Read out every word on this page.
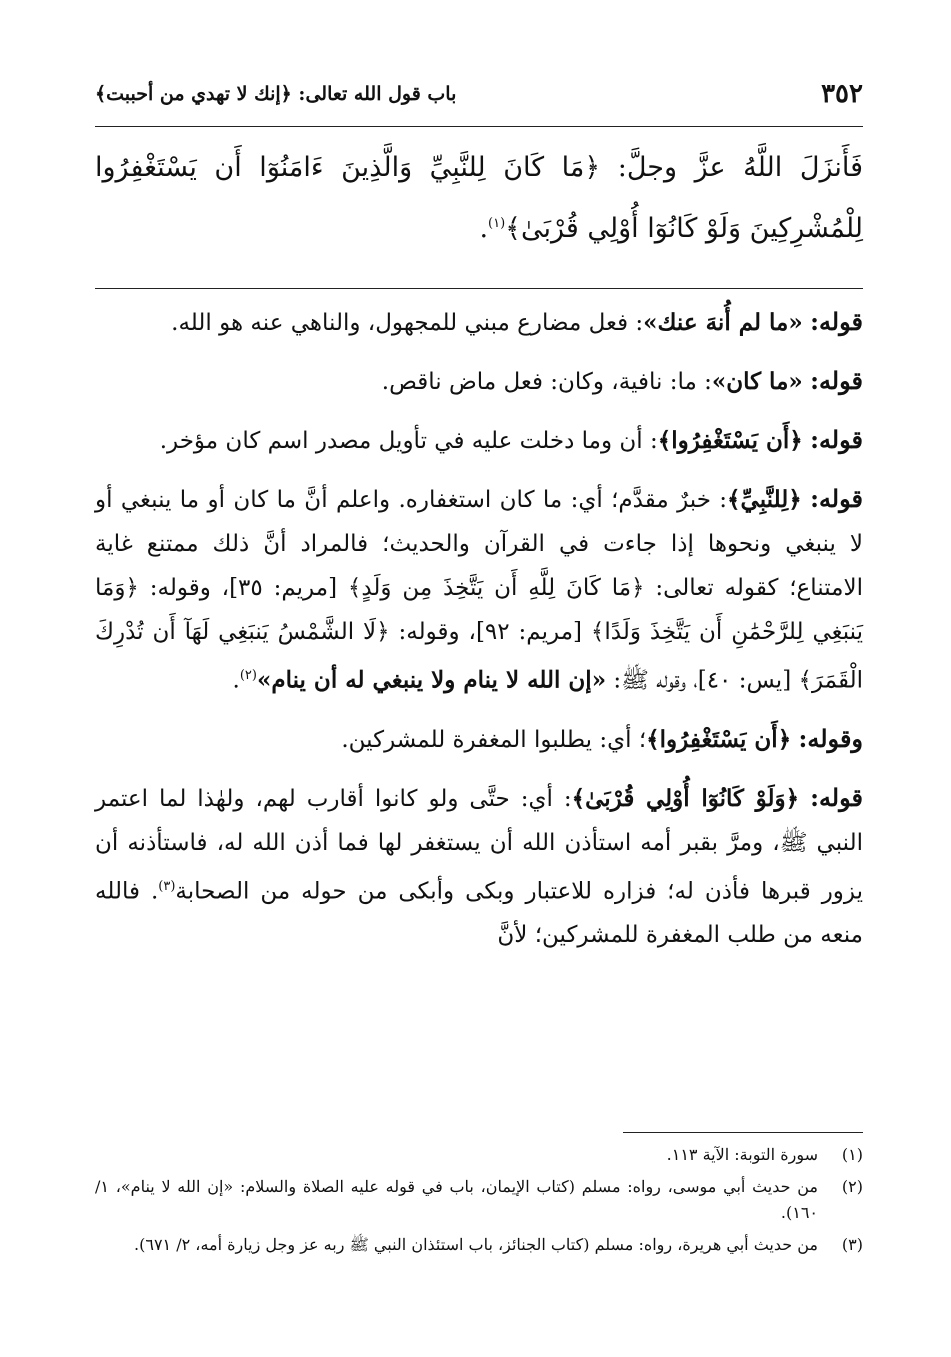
٣٥٢
باب قول الله تعالى: ﴿إنك لا تهدي من أحببت﴾
فَأَنزَلَ اللَّهُ عزَّ وجلَّ: ﴿مَا كَانَ لِلنَّبِيِّ وَالَّذِينَ ءَامَنُوٓا أَن يَسْتَغْفِرُوا لِلْمُشْرِكِينَ وَلَوْ كَانُوٓا أُوْلِي قُرْبَىٰ﴾$^{(١)}$.

قوله: «ما لم أُنهَ عنك»: فعل مضارع مبني للمجهول، والناهي عنه هو الله.

قوله: «ما كان»: ما: نافية، وكان: فعل ماض ناقص.

قوله: ﴿أَن يَسْتَغْفِرُوا﴾: أن وما دخلت عليه في تأويل مصدر اسم كان مؤخر.

قوله: ﴿لِلنَّبِيِّ﴾: خبرٌ مقدَّم؛ أي: ما كان استغفاره. واعلم أنَّ ما كان أو ما ينبغي أو لا ينبغي ونحوها إذا جاءت في القرآن والحديث؛ فالمراد أنَّ ذلك ممتنع غاية الامتناع؛ كقوله تعالى: ﴿مَا كَانَ لِلَّهِ أَن يَتَّخِذَ مِن وَلَدٍ﴾ [مريم: ٣٥]، وقوله: ﴿وَمَا يَنبَغِي لِلرَّحْمَٰنِ أَن يَتَّخِذَ وَلَدًا﴾ [مريم: ٩٢]، وقوله: ﴿لَا الشَّمْسُ يَنبَغِي لَهَآ أَن تُدْرِكَ الْقَمَرَ﴾ [يس: ٤٠]، وقوله ﷺ: «إن الله لا ينام ولا ينبغي له أن ينام»$^{(٢)}$.

وقوله: ﴿أَن يَسْتَغْفِرُوا﴾؛ أي: يطلبوا المغفرة للمشركين.

قوله: ﴿وَلَوْ كَانُوٓا أُوْلِي قُرْبَىٰ﴾: أي: حتَّى ولو كانوا أقارب لهم، ولهٰذا لما اعتمر النبي ﷺ، ومرَّ بقبر أمه استأذن الله أن يستغفر لها فما أذن الله له، فاستأذنه أن يزور قبرها فأذن له؛ فزاره للاعتبار وبكى وأبكى من حوله من الصحابة$^{(٣)}$. فالله منعه من طلب المغفرة للمشركين؛ لأنَّ

(١)
سورة التوبة: الآية ١١٣.
(٢)
من حديث أبي موسى، رواه: مسلم (كتاب الإيمان، باب في قوله عليه الصلاة والسلام: «إن الله لا ينام»، ١/ ١٦٠).
(٣)
من حديث أبي هريرة، رواه: مسلم (كتاب الجنائز، باب استئذان النبي ﷺ ربه عز وجل زيارة أمه، ٢/ ٦٧١).
